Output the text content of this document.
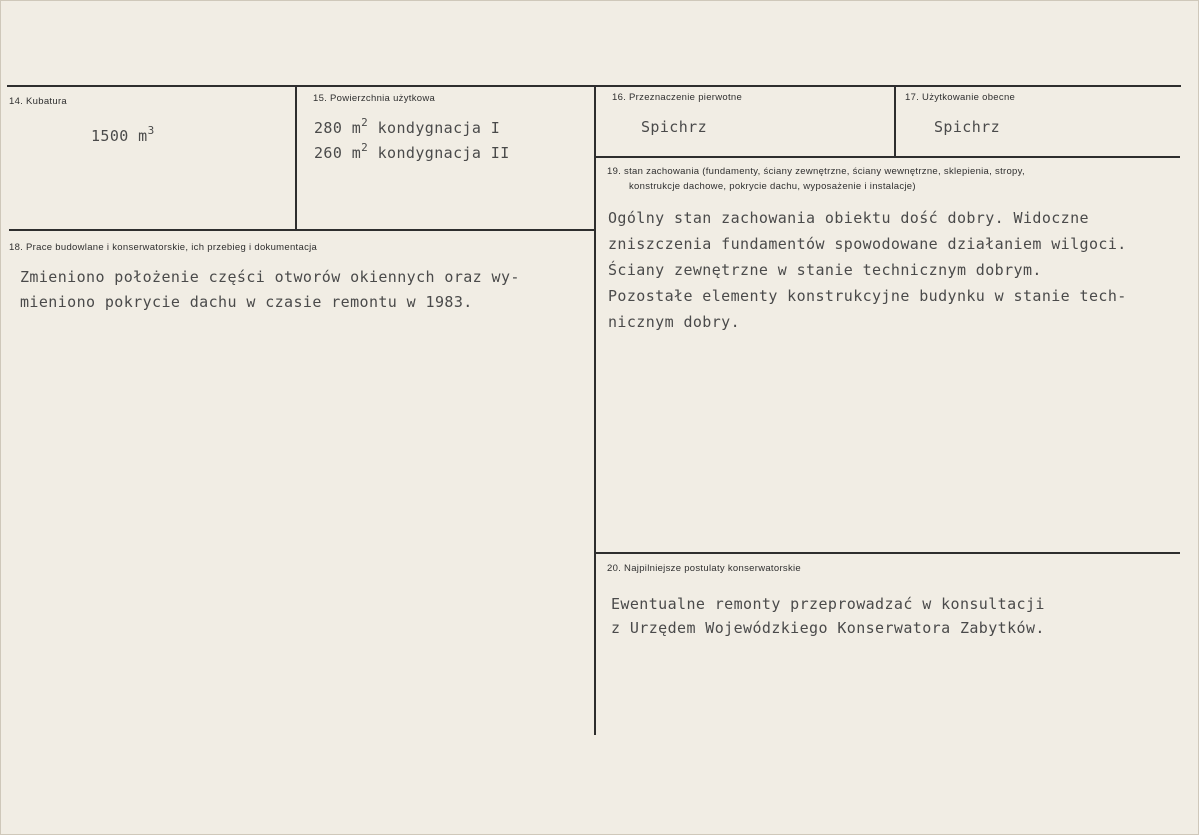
14. Kubatura
1500 $m^3$
15. Powierzchnia użytkowa
280 $m^2$ kondygnacja I
260 $m^2$ kondygnacja II
16. Przeznaczenie pierwotne
Spichrz
17. Użytkowanie obecne
Spichrz
18. Prace budowlane i konserwatorskie, ich przebieg i dokumentacja
Zmieniono położenie części otworów okiennych oraz wy-
mieniono pokrycie dachu w czasie remontu w 1983.
19. stan zachowania (fundamenty, ściany zewnętrzne, ściany wewnętrzne, sklepienia, stropy,
konstrukcje dachowe, pokrycie dachu, wyposażenie i instalacje)
Ogólny stan zachowania obiektu dość dobry. Widoczne
zniszczenia fundamentów spowodowane działaniem wilgoci.
Ściany zewnętrzne w stanie technicznym dobrym.
Pozostałe elementy konstrukcyjne budynku w stanie tech-
nicznym dobry.
20. Najpilniejsze postulaty konserwatorskie
Ewentualne remonty przeprowadzać w konsultacji
z Urzędem Wojewódzkiego Konserwatora Zabytków.
